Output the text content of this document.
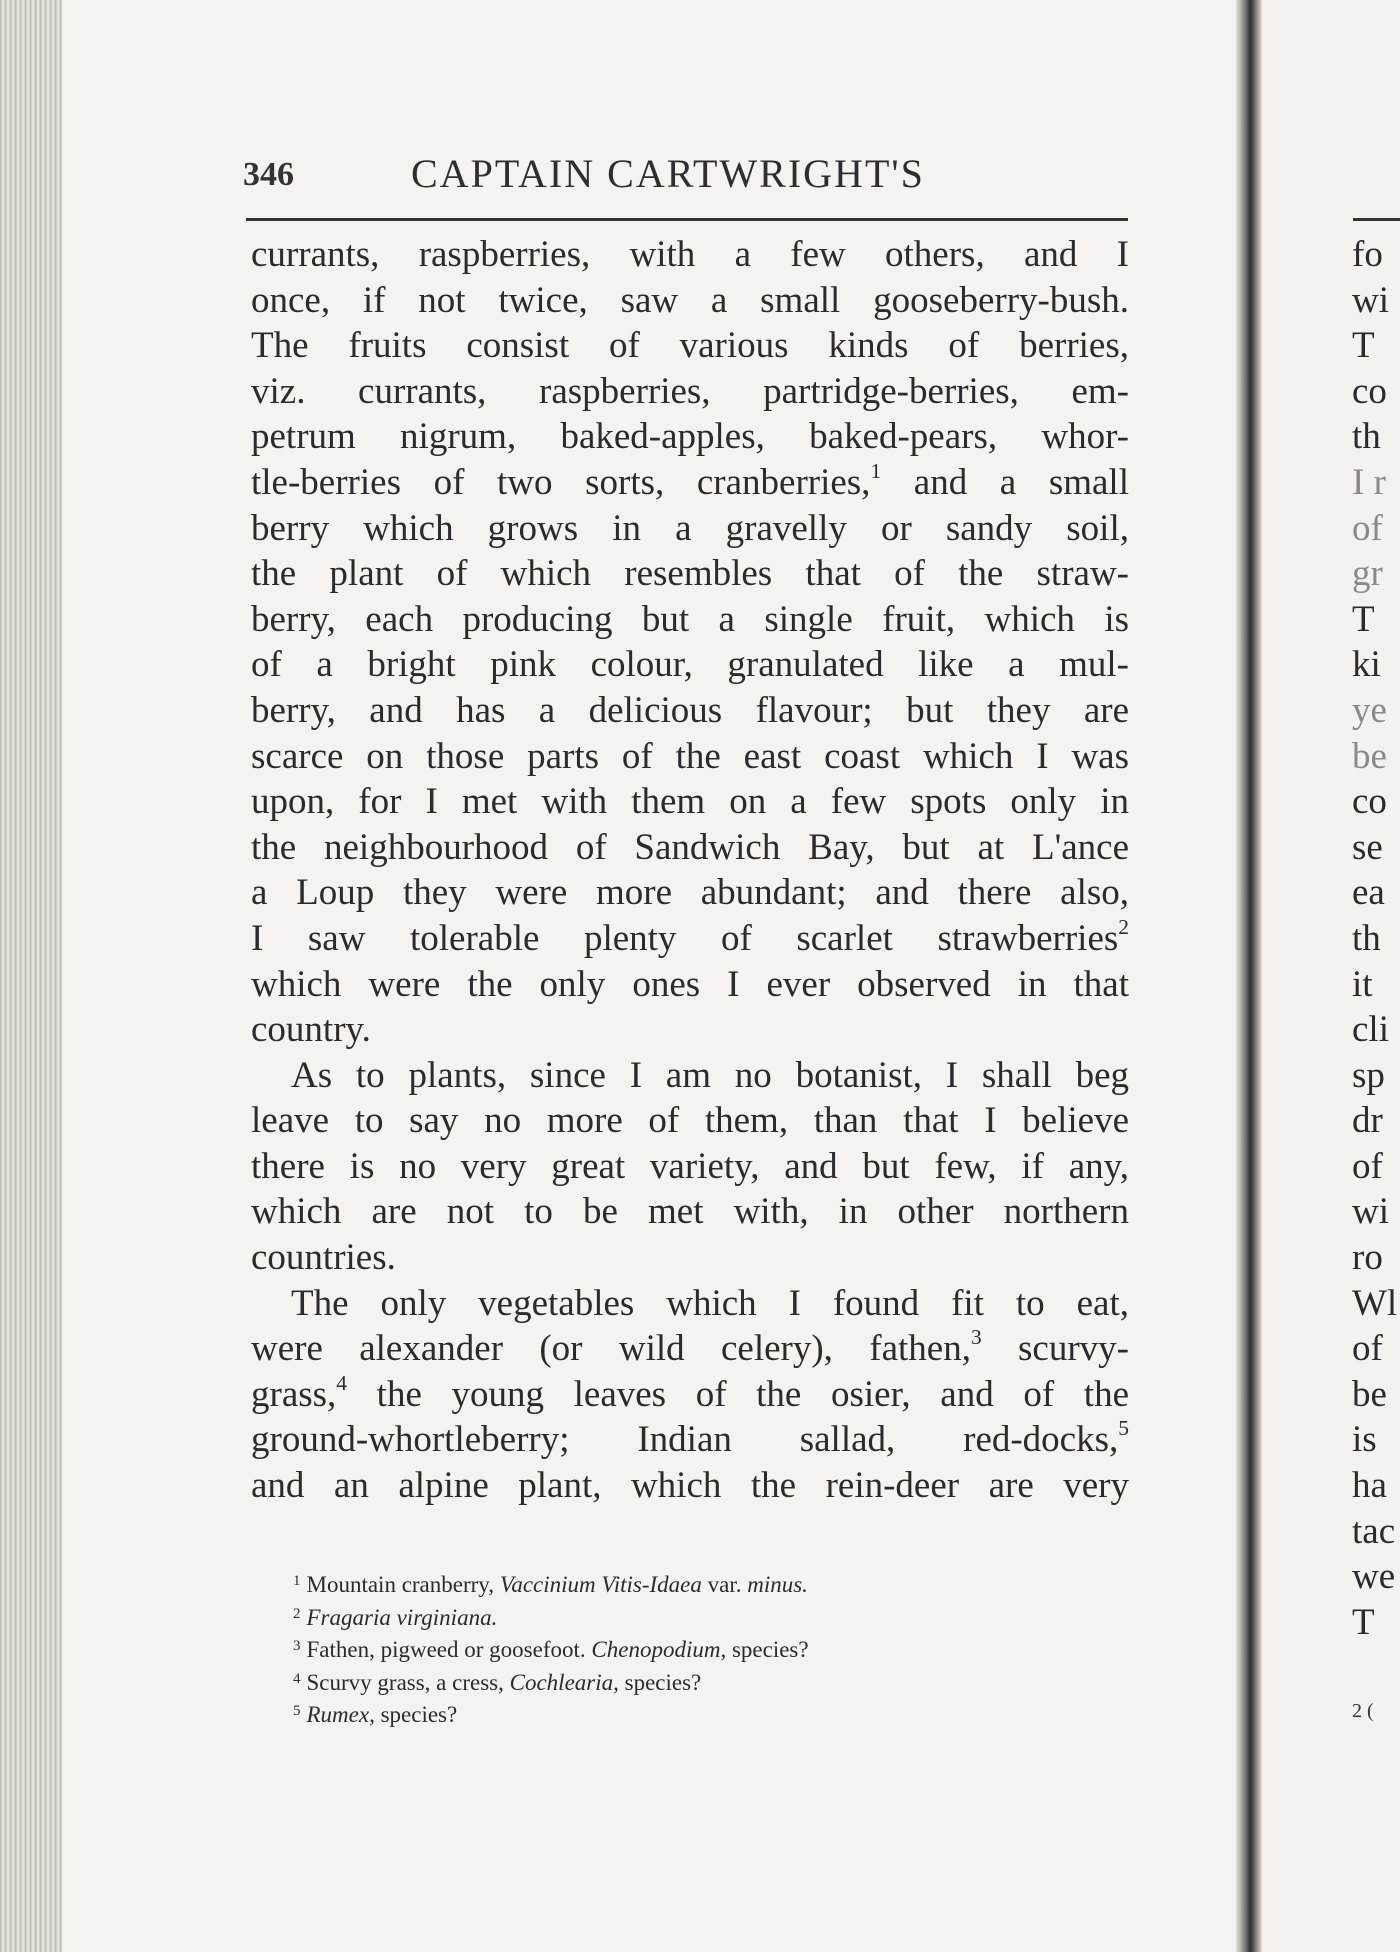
346	CAPTAIN CARTWRIGHT'S
currants, raspberries, with a few others, and I
once, if not twice, saw a small gooseberry-bush.
The fruits consist of various kinds of berries,
viz. currants, raspberries, partridge-berries, em-
petrum nigrum, baked-apples, baked-pears, whor-
tle-berries of two sorts, cranberries,$^1$ and a small
berry which grows in a gravelly or sandy soil,
the plant of which resembles that of the straw-
berry, each producing but a single fruit, which is
of a bright pink colour, granulated like a mul-
berry, and has a delicious flavour; but they are
scarce on those parts of the east coast which I was
upon, for I met with them on a few spots only in
the neighbourhood of Sandwich Bay, but at L'ance
a Loup they were more abundant; and there also,
I saw tolerable plenty of scarlet strawberries$^2$
which were the only ones I ever observed in that
country.
As to plants, since I am no botanist, I shall beg
leave to say no more of them, than that I believe
there is no very great variety, and but few, if any,
which are not to be met with, in other northern
countries.
The only vegetables which I found fit to eat,
were alexander (or wild celery), fathen,$^3$ scurvy-
grass,$^4$ the young leaves of the osier, and of the
ground-whortleberry; Indian sallad, red-docks,$^5$
and an alpine plant, which the rein-deer are very
$^1$ Mountain cranberry, Vaccinium Vitis-Idaea var. minus.
$^2$ Fragaria virginiana.
$^3$ Fathen, pigweed or goosefoot. Chenopodium, species?
$^4$ Scurvy grass, a cress, Cochlearia, species?
$^5$ Rumex, species?
fo
wi
T
co
th
I r
of
gr
T
ki
ye
be
co
se
ea
th
it
cli
sp
dr
of
wi
ro
Wl
of
be
is
ha
tac
we
T
2 (
